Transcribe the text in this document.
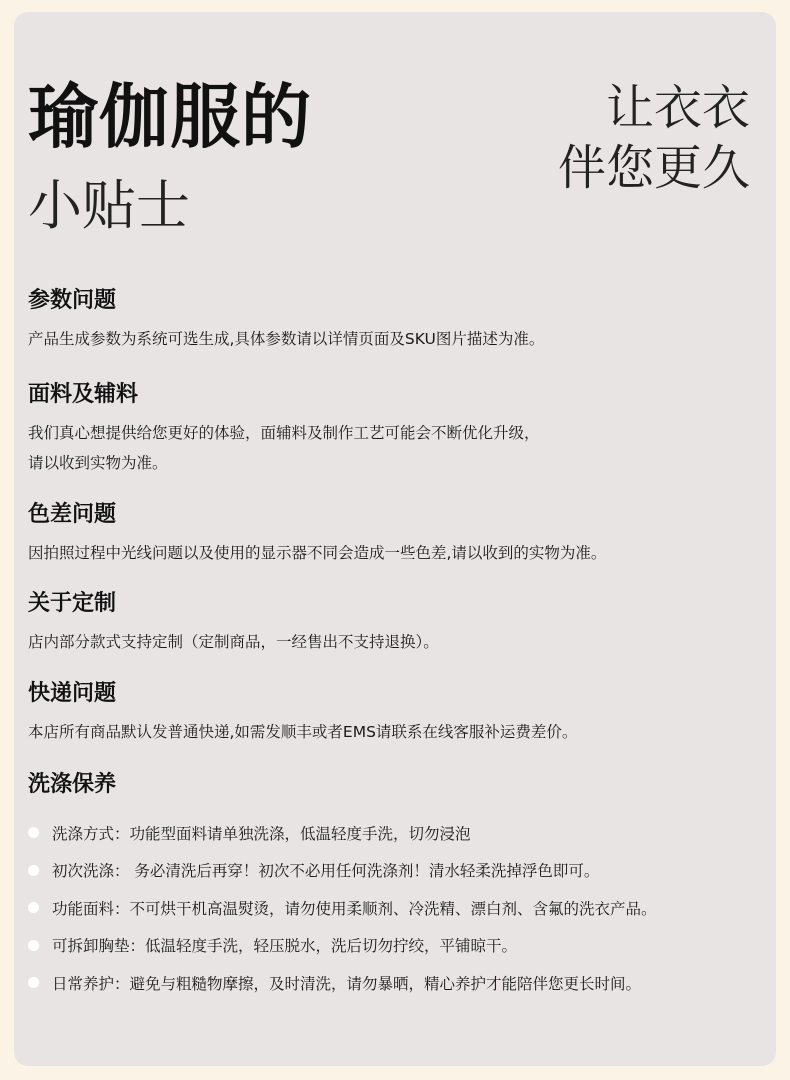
瑜伽服的
小贴士
让衣衣
伴您更久
参数问题

产品生成参数为系统可选生成,具体参数请以详情页面及SKU图片描述为准。

面料及辅料

我们真心想提供给您更好的体验，面辅料及制作工艺可能会不断优化升级，

请以收到实物为准。

色差问题

因拍照过程中光线问题以及使用的显示器不同会造成一些色差,请以收到的实物为准。

关于定制

店内部分款式支持定制（定制商品，一经售出不支持退换）。

快递问题

本店所有商品默认发普通快递,如需发顺丰或者EMS请联系在线客服补运费差价。

洗涤保养
洗涤方式：功能型面料请单独洗涤，低温轻度手洗，切勿浸泡
初次洗涤： 务必清洗后再穿！初次不必用任何洗涤剂！清水轻柔洗掉浮色即可。
功能面料：不可烘干机高温熨烫，请勿使用柔顺剂、冷洗精、漂白剂、含氟的洗衣产品。
可拆卸胸垫：低温轻度手洗，轻压脱水，洗后切勿拧绞，平铺晾干。
日常养护：避免与粗糙物摩擦，及时清洗，请勿暴晒，精心养护才能陪伴您更长时间。
